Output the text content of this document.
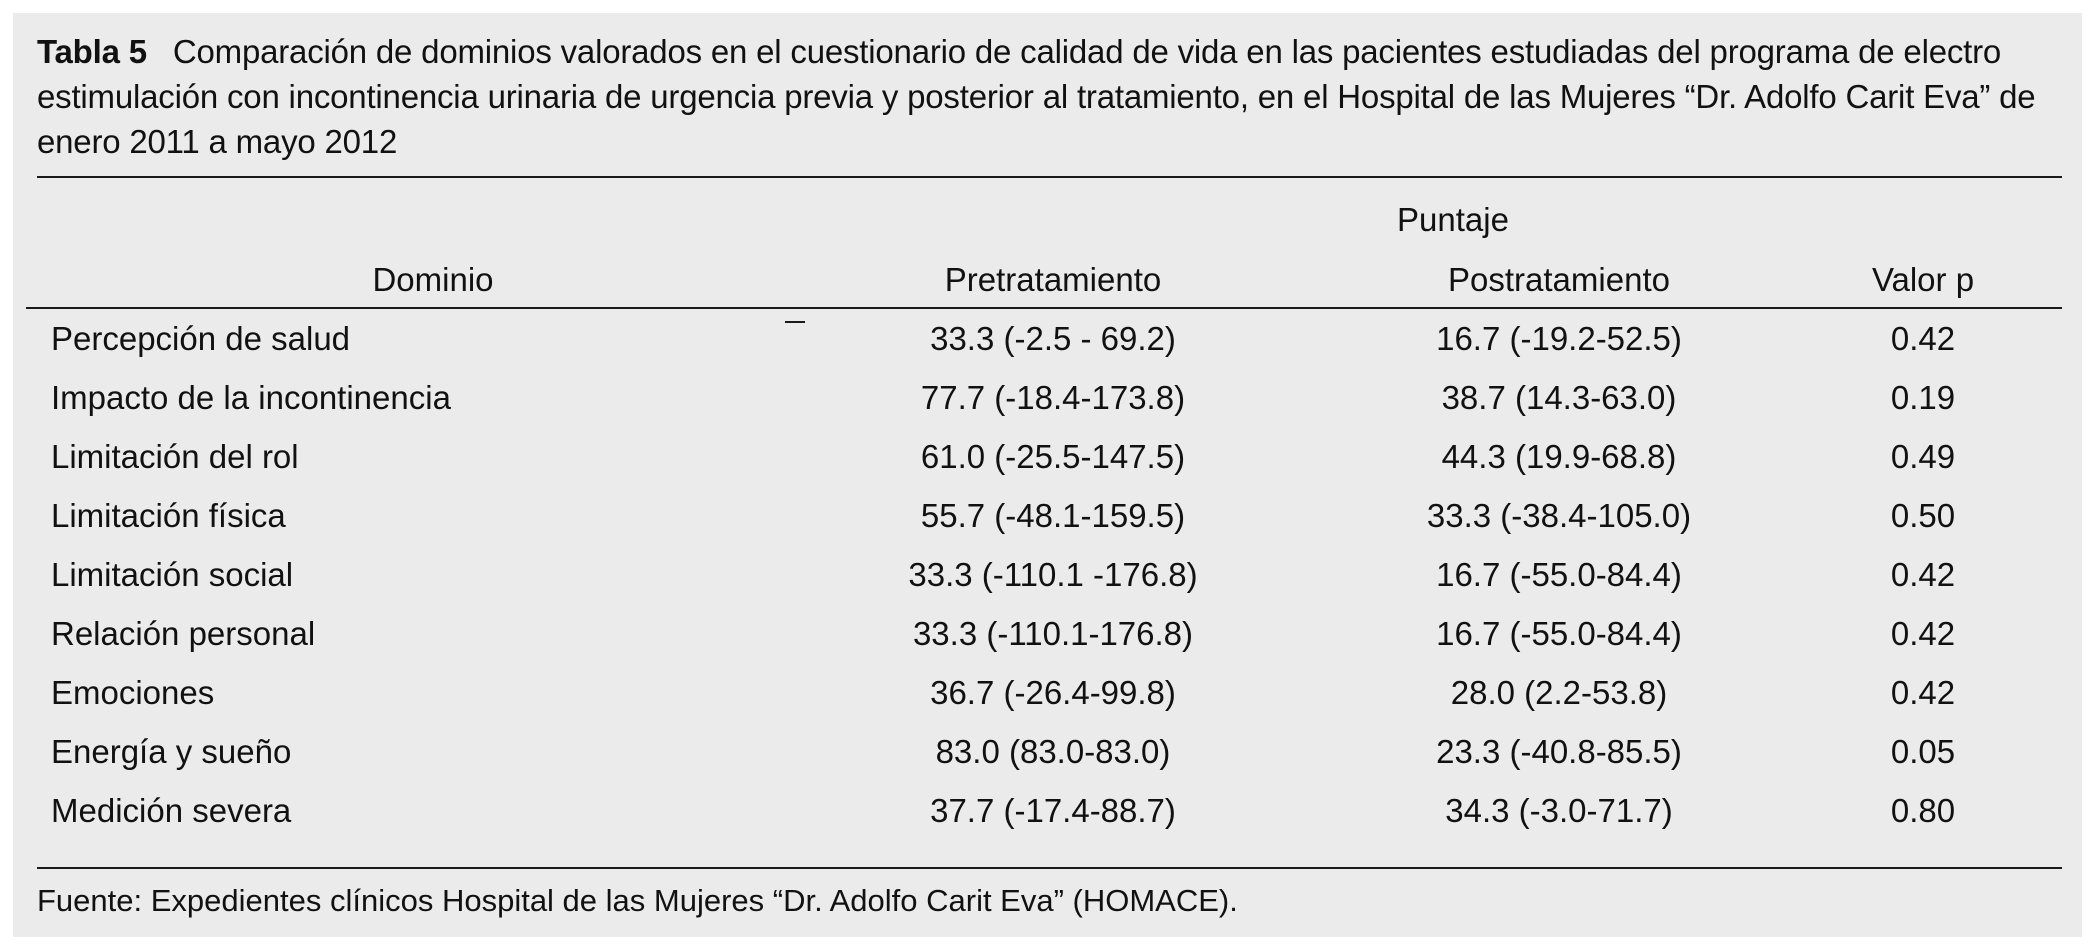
Tabla 5 Comparación de dominios valorados en el cuestionario de calidad de vida en las pacientes estudiadas del programa de electro estimulación con incontinencia urinaria de urgencia previa y posterior al tratamiento, en el Hospital de las Mujeres “Dr. Adolfo Carit Eva” de enero 2011 a mayo 2012
Puntaje
Dominio	Pretratamiento	Postratamiento	Valor p
Percepción de salud	33.3 (-2.5 - 69.2)	16.7 (-19.2-52.5)	0.42
Impacto de la incontinencia	77.7 (-18.4-173.8)	38.7 (14.3-63.0)	0.19
Limitación del rol	61.0 (-25.5-147.5)	44.3 (19.9-68.8)	0.49
Limitación física	55.7 (-48.1-159.5)	33.3 (-38.4-105.0)	0.50
Limitación social	33.3 (-110.1 -176.8)	16.7 (-55.0-84.4)	0.42
Relación personal	33.3 (-110.1-176.8)	16.7 (-55.0-84.4)	0.42
Emociones	36.7 (-26.4-99.8)	28.0 (2.2-53.8)	0.42
Energía y sueño	83.0 (83.0-83.0)	23.3 (-40.8-85.5)	0.05
Medición severa	37.7 (-17.4-88.7)	34.3 (-3.0-71.7)	0.80
Fuente: Expedientes clínicos Hospital de las Mujeres “Dr. Adolfo Carit Eva” (HOMACE).
